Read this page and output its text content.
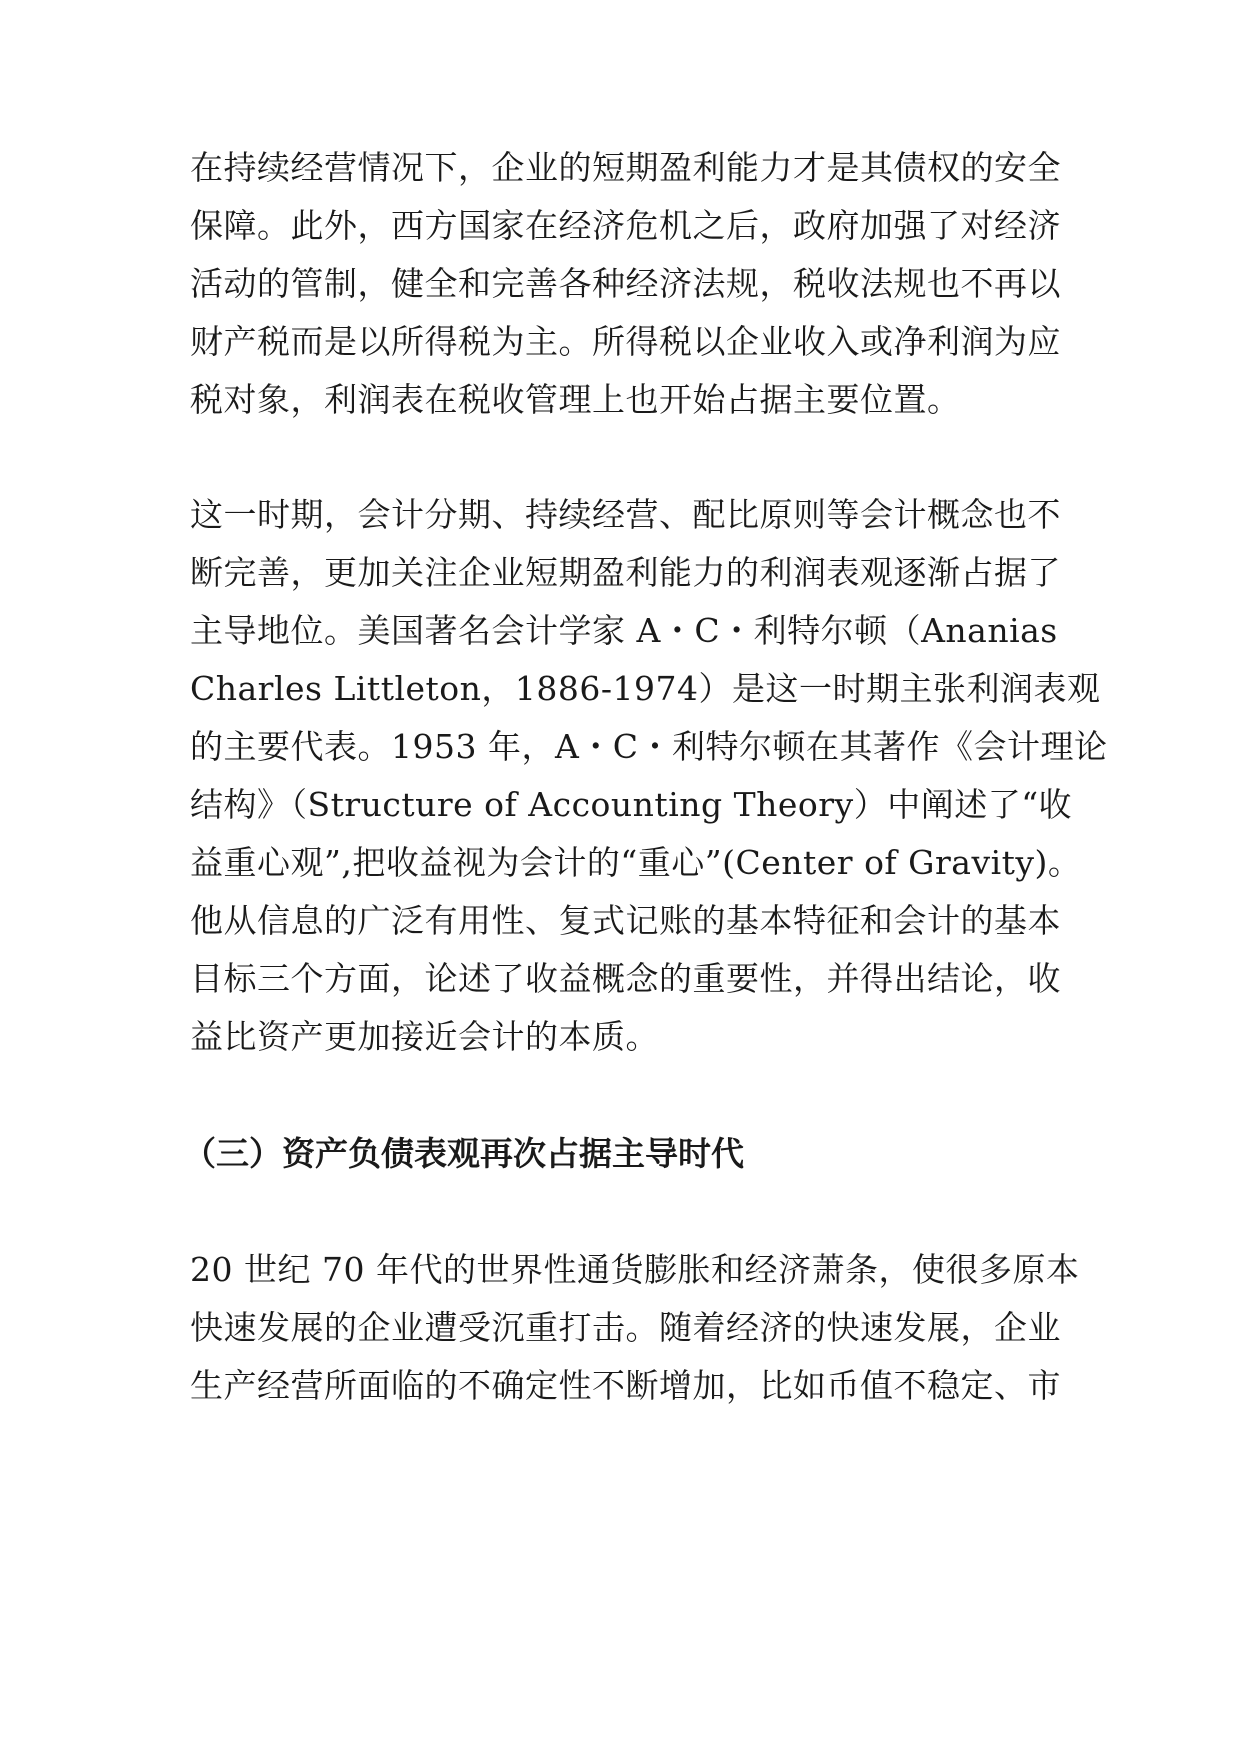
在持续经营情况下，企业的短期盈利能力才是其债权的安全

保障。此外，西方国家在经济危机之后，政府加强了对经济

活动的管制，健全和完善各种经济法规，税收法规也不再以

财产税而是以所得税为主。所得税以企业收入或净利润为应

税对象，利润表在税收管理上也开始占据主要位置。

这一时期，会计分期、持续经营、配比原则等会计概念也不

断完善，更加关注企业短期盈利能力的利润表观逐渐占据了

主导地位。美国著名会计学家 A・C・利特尔顿（Ananias

Charles Littleton，1886-1974）是这一时期主张利润表观

的主要代表。1953 年，A・C・利特尔顿在其著作《会计理论

结构》（Structure of Accounting Theory）中阐述了“收

益重心观”,把收益视为会计的“重心”(Center of Gravity)。

他从信息的广泛有用性、复式记账的基本特征和会计的基本

目标三个方面，论述了收益概念的重要性，并得出结论，收

益比资产更加接近会计的本质。

（三）资产负债表观再次占据主导时代

20 世纪 70 年代的世界性通货膨胀和经济萧条，使很多原本

快速发展的企业遭受沉重打击。随着经济的快速发展，企业

生产经营所面临的不确定性不断增加，比如币值不稳定、市
